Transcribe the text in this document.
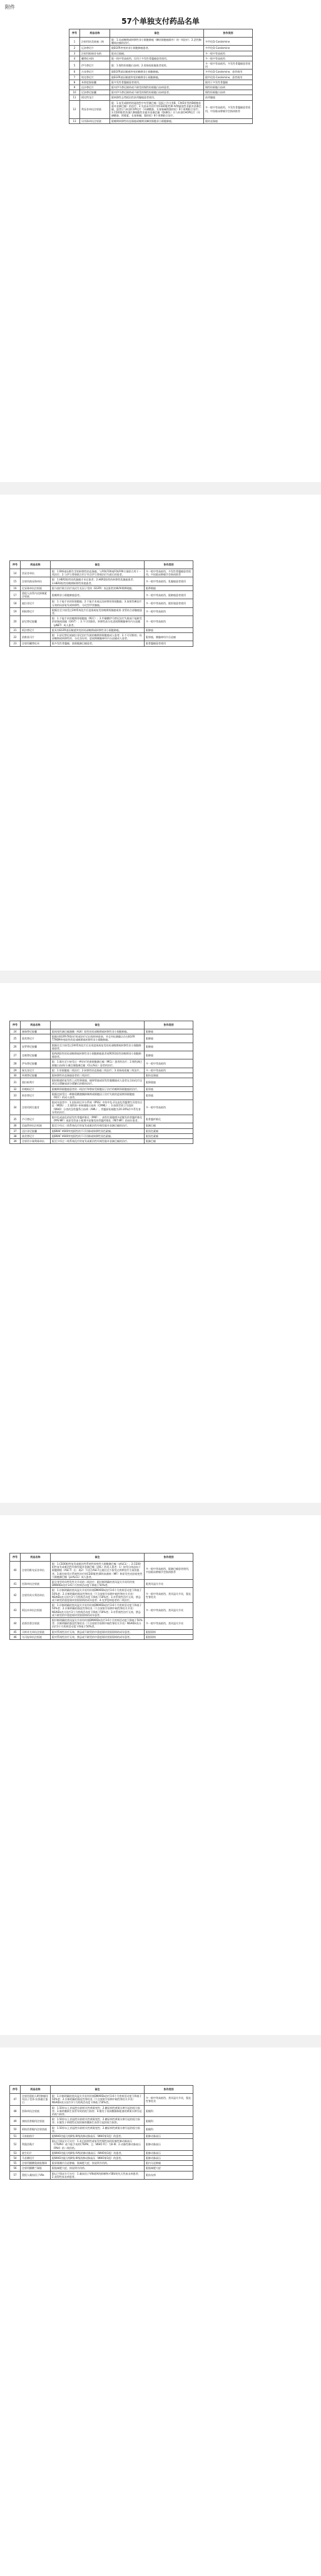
附件
57个单独支付药品名单
序号	药品名称	备注	协作类别
1	注射用培美曲塞二钠	限：1.局部晚期或转移性非小细胞肺癌（鳞状细胞癌除外）的一线治疗；2.恶性胸膜间皮瘤的治疗。	多甲化Q-Carolsmine
2	厄洛替尼片	限EGFR突变的非小细胞肺癌患者。	多甲化Q-Carolsmine
3	注射用帕瑞昔布钠	限术后镇痛。	多一般中等高低档
4	硼替佐米粉	限一线中等高低档，仅用于多发性骨髓瘤患者使用。	多一般中等高低档
5	伊马替尼片	限：1.慢性粒细胞白血病；2.胃肠间质瘤患者使用。	多一般中等高低档，多发性骨髓瘤患者使用
6	吉非替尼片	限EGFR基因敏感突变的晚期非小细胞肺癌。	多甲化Q-Carolsmine，患者使用
7	埃克替尼片	限EGFR基因敏感突变的晚期非小细胞肺癌。	限甲化Q-Carolsmine，患者使用
8	来那度胺胶囊	限多发性骨髓瘤患者使用。	限用于多发性骨髓瘤
9	达沙替尼片	限对伊马替尼耐药或不耐受的慢性粒细胞白血病患者。	慢性粒细胞白血病
10	尼洛替尼胶囊	限对伊马替尼耐药或不耐受的慢性粒细胞白血病患者。	慢性粒细胞白血病
11	阿比特龙片	限转移性去势抵抗性前列腺癌患者使用。	前列腺癌
12	利妥昔单抗注射液	限：1.复发或耐药的滤泡性中央型淋巴瘤（国际工作分类B、C和D亚型的B细胞非霍奇金淋巴瘤）的治疗；2.先前未经治疗的CD20阳性III-IV期滤泡性非霍奇金淋巴瘤，患者应与标准CVP化疗（环磷酰胺、长春新碱和强的松）8个周期联合治疗；3.CD20阳性弥漫大B细胞性非霍奇金淋巴瘤（DLBCL）应与标准CHOP化疗（环磷酰胺、阿霉素、长春新碱、强的松）8个周期联合治疗。	多一般中等高低档，多发性骨髓瘤患者使用，中国临床肿瘤学会指南推荐
13	贝伐珠单抗注射液	限晚期转移性结直肠癌或晚期非鳞状细胞非小细胞肺癌。	限结直肠癌
序号	药品名称	备注	协作类别
14	西妥昔单抗	限：1.RAS基因野生型的转移性结直肠癌，与FOLFOX或FOLFIRI方案联合用于一线治疗；2.与伊立替康联合用于经含伊立替康治疗失败后的患者。	多一般中等高低档，多发性骨髓瘤患者使用，中国临床肿瘤学会指南推荐
15	注射用曲妥珠单抗	限：1.HER2阳性的乳腺癌手术后患者；2.HER2阳性的转移性乳腺癌患者；3.HER2阳性的晚期转移性胃癌患者。	多一般中等高低档，乳腺癌患者使用
16	尼妥珠单抗注射液	限与放疗联合治疗表皮生长因子受体（EGFR）表达阳性的III/IV期鼻咽癌。	限鼻咽癌
17	重组人血管内皮抑制素注射液	限晚期非小细胞肺癌患者。	多一般中等高低档，限肺癌患者使用
18	索拉非尼片	限：1.不能手术的肝细胞癌；2.不能手术或远处转移的肾细胞癌；3.放射性碘治疗无效的局部复发或转移性、分化型甲状腺癌。	多一般中等高低档，限肝癌患者使用
19	阿帕替尼片	限既往至少接受过2种系统化疗后进展或复发的晚期胃腺癌或胃-食管结合部腺癌患者。	多一般中等高低档
20	舒尼替尼胶囊	限：1.不能手术的晚期肾细胞癌（RCC）；2.甲磺酸伊马替尼治疗失败或不能耐受的胃肠间质瘤（GIST）；3.不可切除的，转移性高分化进展期胰腺神经内分泌瘤（pNET）成人患者。	多一般中等高低档
21	阿法替尼片	限具有EGFR基因敏感突变的局部晚期或转移性非小细胞肺癌。	限肺癌
22	依维莫司片	限：1.舒尼替尼或索拉非尼治疗失败的晚期肾细胞癌成人患者；2.不可切除的、局部晚期或转移性的、分化良好的、进展期胰腺神经内分泌瘤成人患者。	限肾癌，胰腺神经内分泌瘤
23	注射用硼替佐米	限多发性骨髓瘤、套细胞淋巴瘤患者。	限骨髓瘤患者使用
序号	药品名称	备注	协作类别
24	塞瑞替尼胶囊	限间变性淋巴瘤激酶（ALK）阳性的局部晚期或转移性非小细胞肺癌。	限肺癌
25	奥希替尼片	限既往EGFR-TKI治疗时或治疗后出现疾病进展，并且经检测确认存在EGFR T790M突变阳性的局部晚期或转移性非小细胞肺癌。	限肺癌
26	安罗替尼胶囊	限既往至少接受过2种系统化疗后出现进展或复发的局部晚期或转移性非小细胞肺癌患者。	限肺癌
27	克唑替尼胶囊	限ALK阳性的局部晚期或转移性非小细胞肺癌患者或ROS1阳性的晚期非小细胞肺癌患者。	限肺癌
28	伊布替尼胶囊	限：1.既往至少接受过一种治疗的套细胞淋巴瘤（MCL）患者的治疗；2.慢性淋巴细胞白血病/小淋巴细胞淋巴瘤（CLL/SLL）患者的治疗。	多一般中等高低档
29	瑞戈非尼片	限：1.肝细胞癌二线治疗；2.转移性结直肠癌三线治疗；3.胃肠间质瘤三线治疗。	多一般中等高低档
30	呋喹替尼胶囊	限转移性结直肠癌患者的三线治疗。	限结直肠癌
31	奥拉帕利片	限铂敏感的复发性上皮性卵巢癌、输卵管癌或原发性腹膜癌成人患者在含铂化疗达到完全缓解或部分缓解后的维持治疗。	限卵巢癌
32	培唑帕尼片	限晚期肾细胞癌患者的一线治疗和曾接受细胞因子治疗的晚期肾细胞癌的治疗。	限肾癌
33	阿昔替尼片	限既往接受过一种酪氨酸激酶抑制剂或细胞因子治疗失败的进展期肾细胞癌（RCC）的成人患者。	限肾癌
34	注射用阿扎胞苷	限成年患者中：1.国际预后评分系统（IPSS）中的中危-2及高危骨髓增生异常综合征（MDS）；2.慢性粒-单核细胞白血病（CMML）；3.按照世界卫生组织（WHO）分类的急性髓系白血病（AML）、骨髓原始细胞为20-30%伴多系发育异常的治疗。	多一般中等高低档
35	芦可替尼片	限中危或高危的原发性骨髓纤维化（PMF）、真性红细胞增多症继发的骨髓纤维化（PPV-MF）或原发性血小板增多症继发的骨髓纤维化（PET-MF）的成年患者。	限骨髓纤维化
36	信迪利单抗注射液	限至少经过二线系统化疗的复发或难治性经典型霍奇金淋巴瘤的治疗。	限淋巴瘤
37	达拉非尼胶囊	限BRAF V600突变阳性的不可切除或转移性黑色素瘤。	限黑色素瘤
38	曲美替尼片	限BRAF V600突变阳性的不可切除或转移性黑色素瘤。	限黑色素瘤
39	注射用卡瑞利珠单抗	限至少经过二线系统化疗的复发或难治性经典型霍奇金淋巴瘤的治疗。	限淋巴瘤
序号	药品名称	备注	协作类别
40	注射用维布妥昔单抗	限：1.CD30阳性复发或难治性系统性间变性大细胞淋巴瘤（sALCL）；2.CD30阳性复发或难治性经典型霍奇金淋巴瘤（cHL）的成人患者：1）接受自体造血干细胞移植（ASCT）后；或2）不适合ASCT且既往至少接受过两种治疗方案的患者。3.既往接受过系统性治疗的CD30阳性蕈样真菌病（MF）和原发性皮肤间变性大细胞淋巴瘤（pcALCL）成人患者。	多一般中等高低档，限淋巴瘤患者使用，中国临床肿瘤学会指南推荐
41	托珠单抗注射液	限全身型幼年特发性关节炎的二线治疗；限诊断明确的类风湿关节炎经传统DMARDs治疗3-6个月疾病活动度下降低于50%者。	限类风湿关节炎
42	注射用英夫利西单抗	限：1.诊断明确的类风湿关节炎经传统DMARDs治疗3-6个月疾病活动度下降低于50%者；2.诊断明确的强直性脊柱炎（不含放射学前期中轴性脊柱关节炎）NSAIDs充分治疗3个月疾病活动度下降低于50%者；3.对系统性治疗无效、禁忌或不耐受的重度斑块状银屑病的成年患者；4.克罗恩病患者的二线治疗。	多一般中等高低档，类风湿关节炎，强直性脊柱炎
43	阿达木单抗注射液	限：1.诊断明确的类风湿关节炎经传统DMARDs治疗3-6个月疾病活动度下降低于50%者；2.诊断明确的强直性脊柱炎（不含放射学前期中轴性脊柱关节炎）NSAIDs充分治疗3个月疾病活动度下降低于50%者；3.对系统性治疗无效、禁忌或不耐受的中重度斑块状银屑病的成年患者。	多一般中等高低档，类风湿关节炎
44	依那西普注射液	限诊断明确的类风湿关节炎经传统DMARDs治疗3-6个月疾病活动度下降低于50%者；诊断明确的强直性脊柱炎（不含放射学前期中轴性脊柱关节炎）NSAIDs充分治疗3个月疾病活动度下降低于50%者。	多一般中等高低档，类风湿关节炎
45	司库奇尤单抗注射液	限对系统性治疗无效、禁忌或不耐受的中重度斑块状银屑病的成年患者。	限银屑病
46	乌司奴单抗注射液	限对系统性治疗无效、禁忌或不耐受的中重度斑块状银屑病的成年患者。	限银屑病
序号	药品名称	备注	协作类别
47	注射用重组人Ⅱ型肿瘤坏死因子受体-抗体融合蛋白	限：1.诊断明确的类风湿关节炎经传统DMARDs治疗3-6个月疾病活动度下降低于50%者；2.诊断明确的强直性脊柱炎（不含放射学前期中轴性脊柱关节炎）NSAIDs充分治疗3个月疾病活动度下降低于50%者。	多一般中等高低档，类风湿关节炎，强直性脊柱炎
48	雷珠单抗注射液	限：1.50岁以上的湿性年龄相关性黄斑变性；2.糖尿病性黄斑水肿引起的视力损害；3.脉络膜新生血管导致的视力损害；4.继发于视网膜静脉阻塞的黄斑水肿引起的视力损害。	限眼科
49	康柏西普眼用注射液	限：1.50岁以上的湿性年龄相关性黄斑变性；2.糖尿病性黄斑水肿引起的视力损害；3.继发于病理性近视的脉络膜新生血管引起的视力损害。	限眼科
50	阿柏西普眼内注射溶液	限：1.50岁以上的湿性年龄相关性黄斑变性；2.糖尿病性黄斑水肿引起的视力损害。	限眼科
51	司来帕格片	限WHO功能分级II级-III级的肺动脉高压（WHO第1组）的患者。	限肺动脉高压
52	利奥西呱片	限以下情况方可支付：1.术后持续性或复发性慢性血栓栓塞性肺动脉高压（CTEPH）或不能手术的CTEPH，且（WHO FC）为II-III；2.动脉性肺动脉高压（PAH）的二线用药。	限肺动脉高压
53	波生坦片	限WHO功能分级II级-IV级的肺动脉高压（WHO第1组）的患者。	限肺动脉高压
54	马昔腾坦片	限WHO功能分级II级-III级的肺动脉高压（WHO第1组）的患者。	限肺动脉高压
55	注射用醋酸奥曲肽微球	限胃肠胰内分泌肿瘤、肢端肥大症，按说明书用药。	限内分泌肿瘤
56	注射用醋酸兰瑞肽	限肢端肥大症，按说明书用药。	限肢端肥大症
57	重组人凝血因子VIIa	限以下情况方可支付：1.凝血因子VIII或IX的抑制物>5BU的先天性血友病患者；2.获得性血友病患者。	限血友病
